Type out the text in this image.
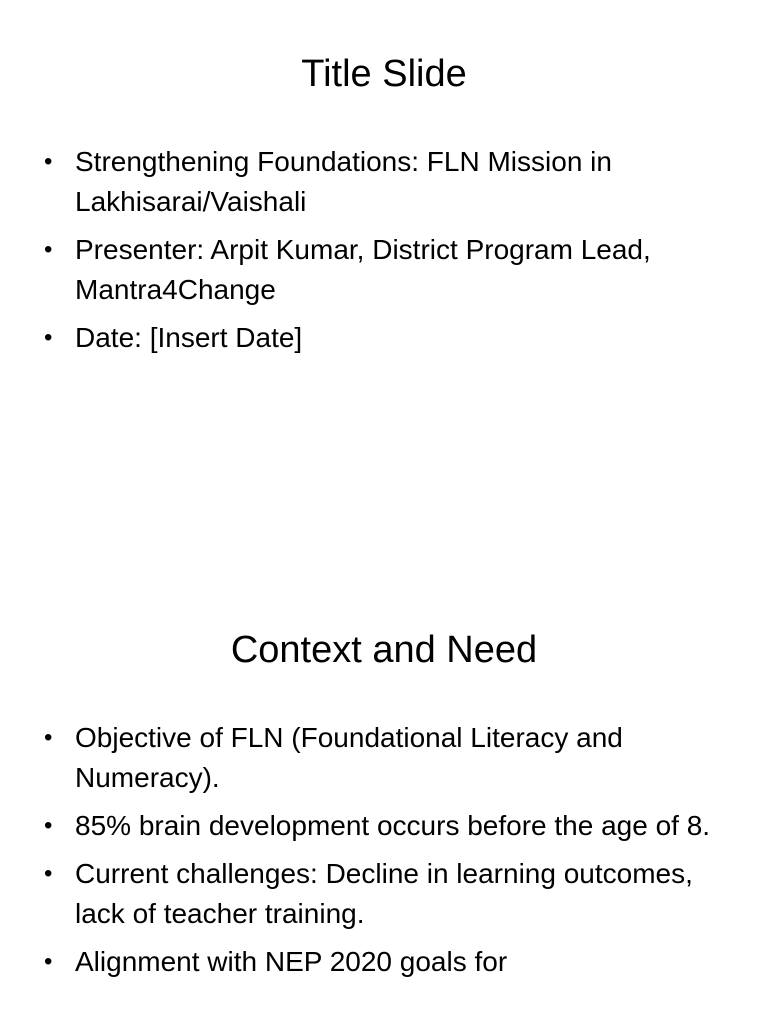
Title Slide
• Strengthening Foundations: FLN Mission in Lakhisarai/Vaishali
• Presenter: Arpit Kumar, District Program Lead, Mantra4Change
• Date: [Insert Date]
Context and Need
• Objective of FLN (Foundational Literacy and Numeracy).
• 85% brain development occurs before the age of 8.
• Current challenges: Decline in learning outcomes, lack of teacher training.
• Alignment with NEP 2020 goals for
